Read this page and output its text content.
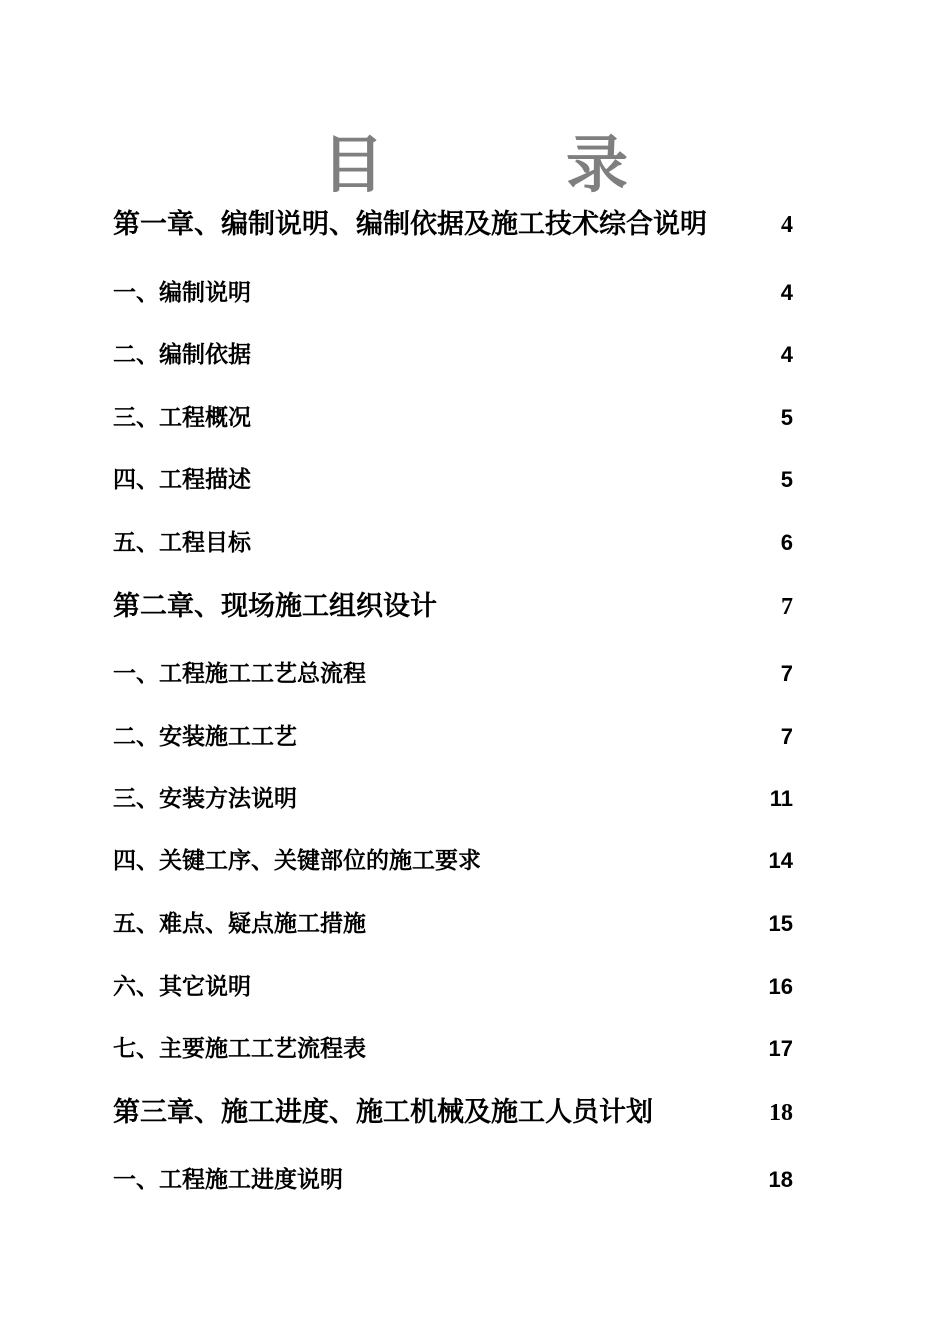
目　录
第一章、编制说明、编制依据及施工技术综合说明	4
一、编制说明	4
二、编制依据	4
三、工程概况	5
四、工程描述	5
五、工程目标	6
第二章、现场施工组织设计	7
一、工程施工工艺总流程	7
二、安装施工工艺	7
三、安装方法说明	11
四、关键工序、关键部位的施工要求	14
五、难点、疑点施工措施	15
六、其它说明	16
七、主要施工工艺流程表	17
第三章、施工进度、施工机械及施工人员计划	18
一、工程施工进度说明	18
